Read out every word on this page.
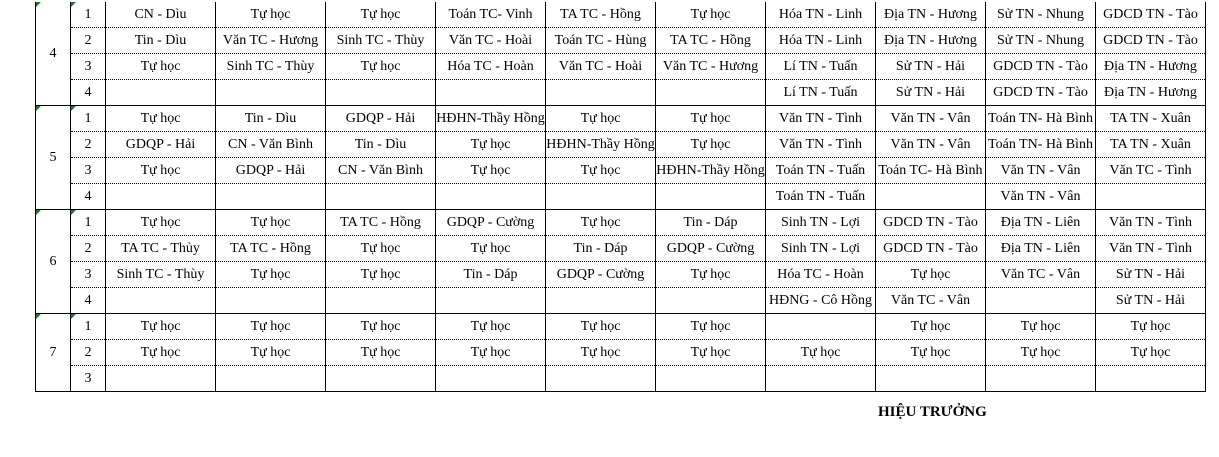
4	1	CN - Dìu	Tự học	Tự học	Toán TC- Vinh	TA TC - Hồng	Tự học	Hóa TN - Linh	Địa TN - Hương	Sử TN - Nhung	GDCD TN - Tào
	2	Tin - Dìu	Văn TC - Hương	Sinh TC - Thùy	Văn TC - Hoài	Toán TC - Hùng	TA TC - Hồng	Hóa TN - Linh	Địa TN - Hương	Sử TN - Nhung	GDCD TN - Tào
	3	Tự học	Sinh TC - Thùy	Tự học	Hóa TC - Hoàn	Văn TC - Hoài	Văn TC - Hương	Lí TN - Tuấn	Sử TN - Hải	GDCD TN - Tào	Địa TN - Hương
	4							Lí TN - Tuấn	Sử TN - Hải	GDCD TN - Tào	Địa TN - Hương

5	1	Tự học	Tin - Dìu	GDQP - Hải	HĐHN-Thầy Hồng	Tự học	Tự học	Văn TN - Tình	Văn TN - Vân	Toán TN- Hà Bình	TA TN - Xuân
	2	GDQP - Hải	CN - Văn Bình	Tin - Dìu	Tự học	HĐHN-Thầy Hồng	Tự học	Văn TN - Tình	Văn TN - Vân	Toán TN- Hà Bình	TA TN - Xuân
	3	Tự học	GDQP - Hải	CN - Văn Bình	Tự học	Tự học	HĐHN-Thầy Hồng	Toán TN - Tuấn	Toán TC- Hà Bình	Văn TN - Vân	Văn TC - Tình
	4							Toán TN - Tuấn		Văn TN - Vân	

6	1	Tự học	Tự học	TA TC - Hồng	GDQP - Cường	Tự học	Tin - Dáp	Sinh TN - Lợi	GDCD TN - Tào	Địa TN - Liên	Văn TN - Tình
	2	TA TC - Thủy	TA TC - Hồng	Tự học	Tự học	Tin - Dáp	GDQP - Cường	Sinh TN - Lợi	GDCD TN - Tào	Địa TN - Liên	Văn TN - Tình
	3	Sinh TC - Thùy	Tự học	Tự học	Tin - Dáp	GDQP - Cường	Tự học	Hóa TC - Hoàn	Tự học	Văn TC - Vân	Sử TN - Hải
	4							HĐNG - Cô Hồng	Văn TC - Vân		Sử TN - Hải

7	1	Tự học	Tự học	Tự học	Tự học	Tự học	Tự học		Tự học	Tự học	Tự học
	2	Tự học	Tự học	Tự học	Tự học	Tự học	Tự học	Tự học	Tự học	Tự học	Tự học
	3										
HIỆU TRƯỞNG
